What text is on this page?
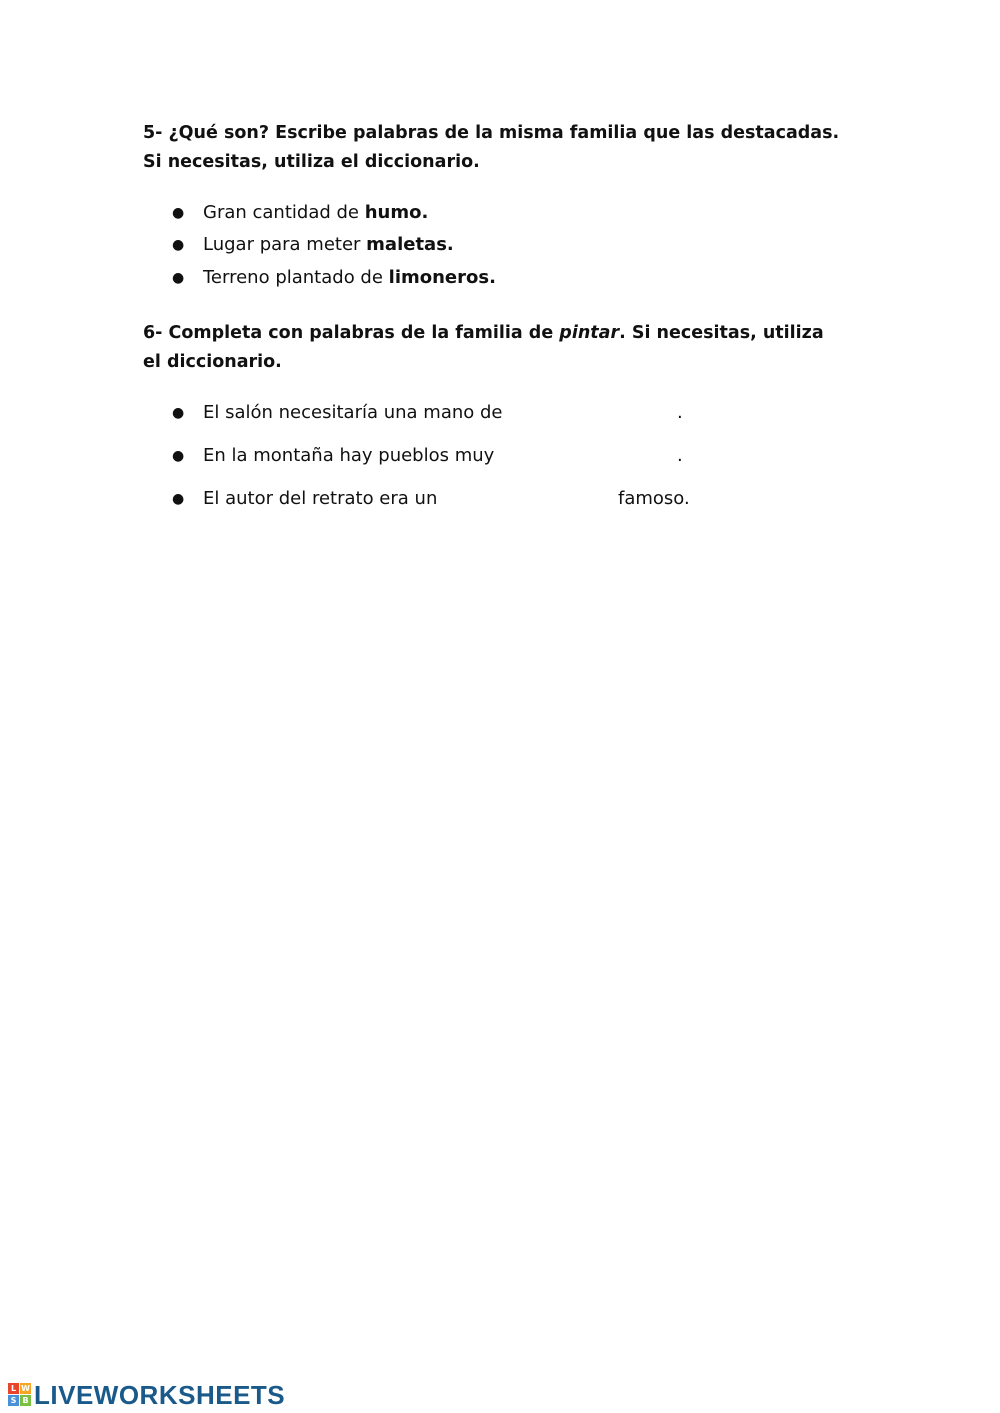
5- ¿Qué son? Escribe palabras de la misma familia que las destacadas.
Si necesitas, utiliza el diccionario.

● Gran cantidad de humo.
● Lugar para meter maletas.
● Terreno plantado de limoneros.

6- Completa con palabras de la familia de pintar. Si necesitas, utiliza
el diccionario.

● El salón necesitaría una mano de	.
● En la montaña hay pueblos muy	.
● El autor del retrato era un	famoso.
L W
S B LIVEWORKSHEETS
